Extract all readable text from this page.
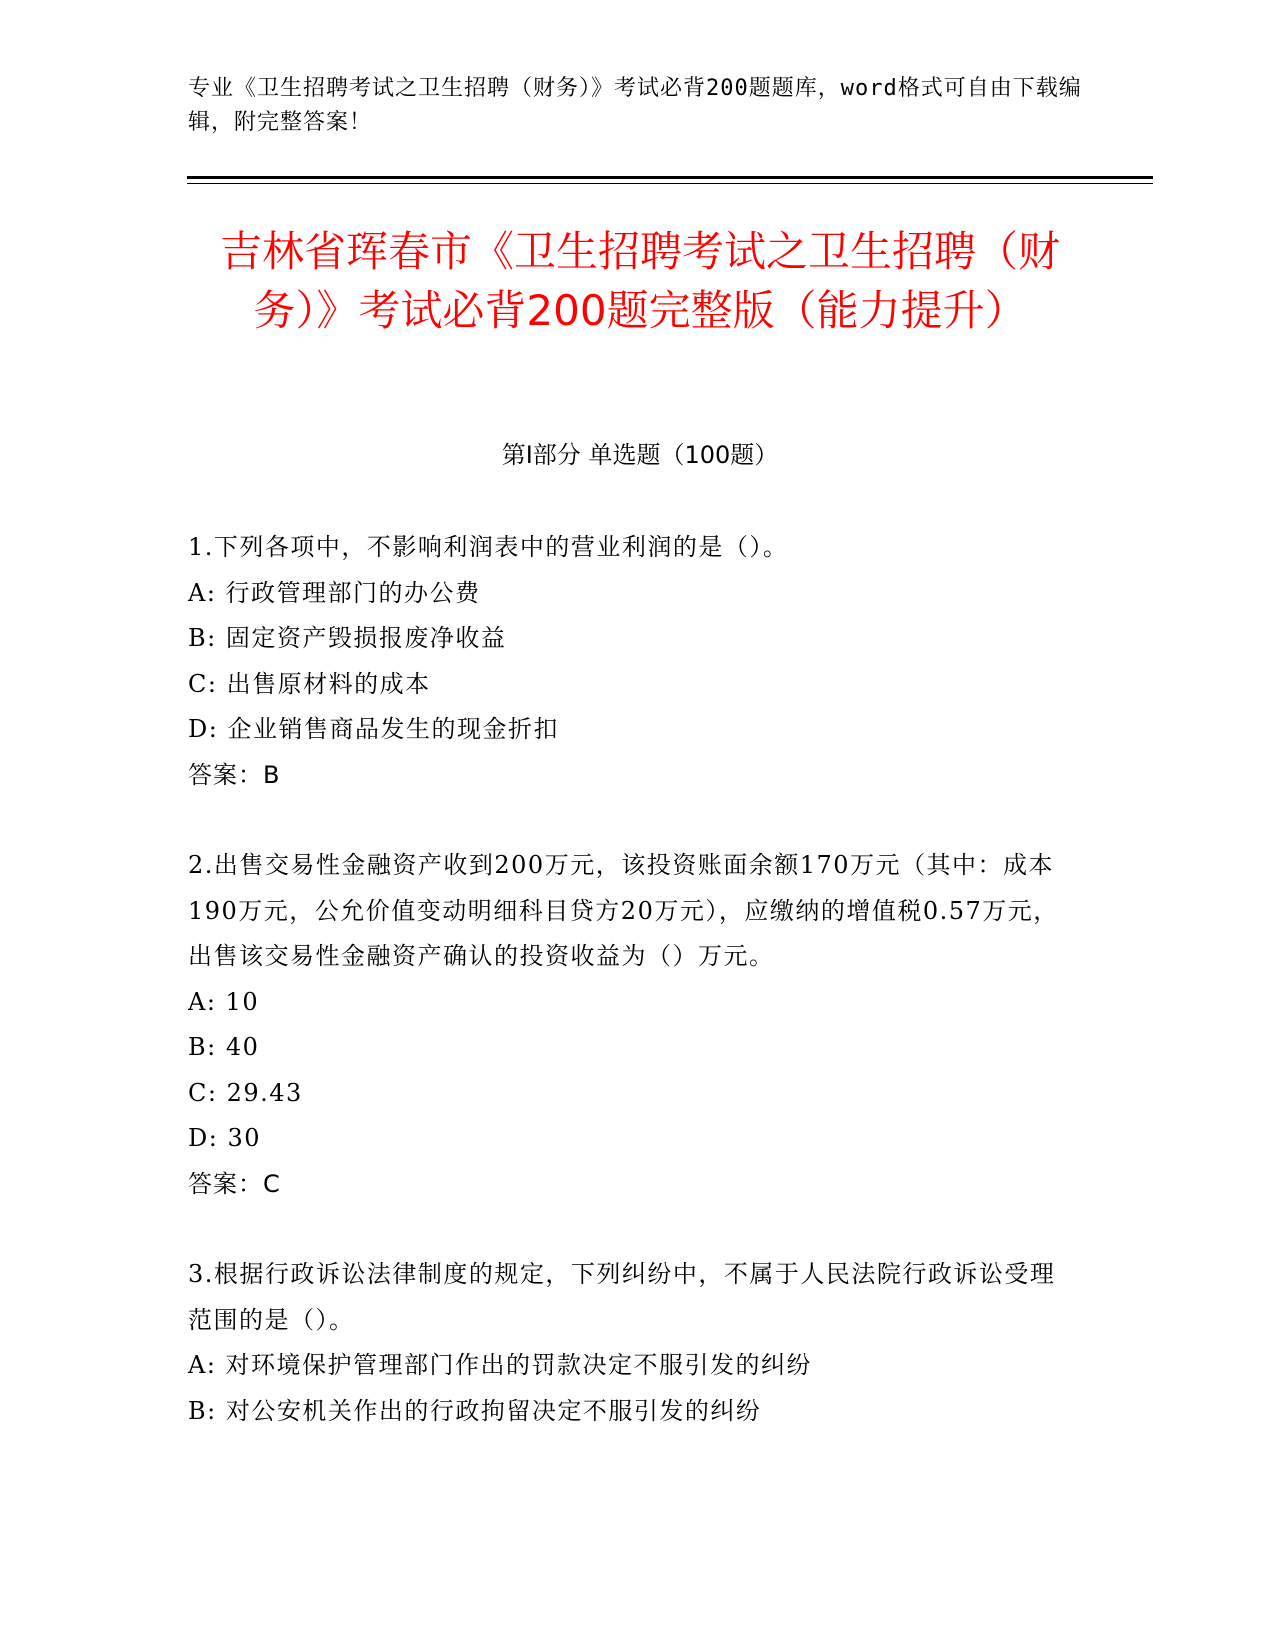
专业《卫生招聘考试之卫生招聘（财务）》考试必背200题题库，word格式可自由下载编辑，附完整答案！
吉林省珲春市《卫生招聘考试之卫生招聘（财务）》考试必背200题完整版（能力提升）
第Ⅰ部分 单选题（100题）

1.下列各项中，不影响利润表中的营业利润的是（）。

A: 行政管理部门的办公费

B: 固定资产毁损报废净收益

C: 出售原材料的成本

D: 企业销售商品发生的现金折扣

答案：B

2.出售交易性金融资产收到200万元，该投资账面余额170万元（其中：成本190万元，公允价值变动明细科目贷方20万元），应缴纳的增值税0.57万元，出售该交易性金融资产确认的投资收益为（）万元。

A: 10

B: 40

C: 29.43

D: 30

答案：C

3.根据行政诉讼法律制度的规定，下列纠纷中，不属于人民法院行政诉讼受理范围的是（）。

A: 对环境保护管理部门作出的罚款决定不服引发的纠纷

B: 对公安机关作出的行政拘留决定不服引发的纠纷
